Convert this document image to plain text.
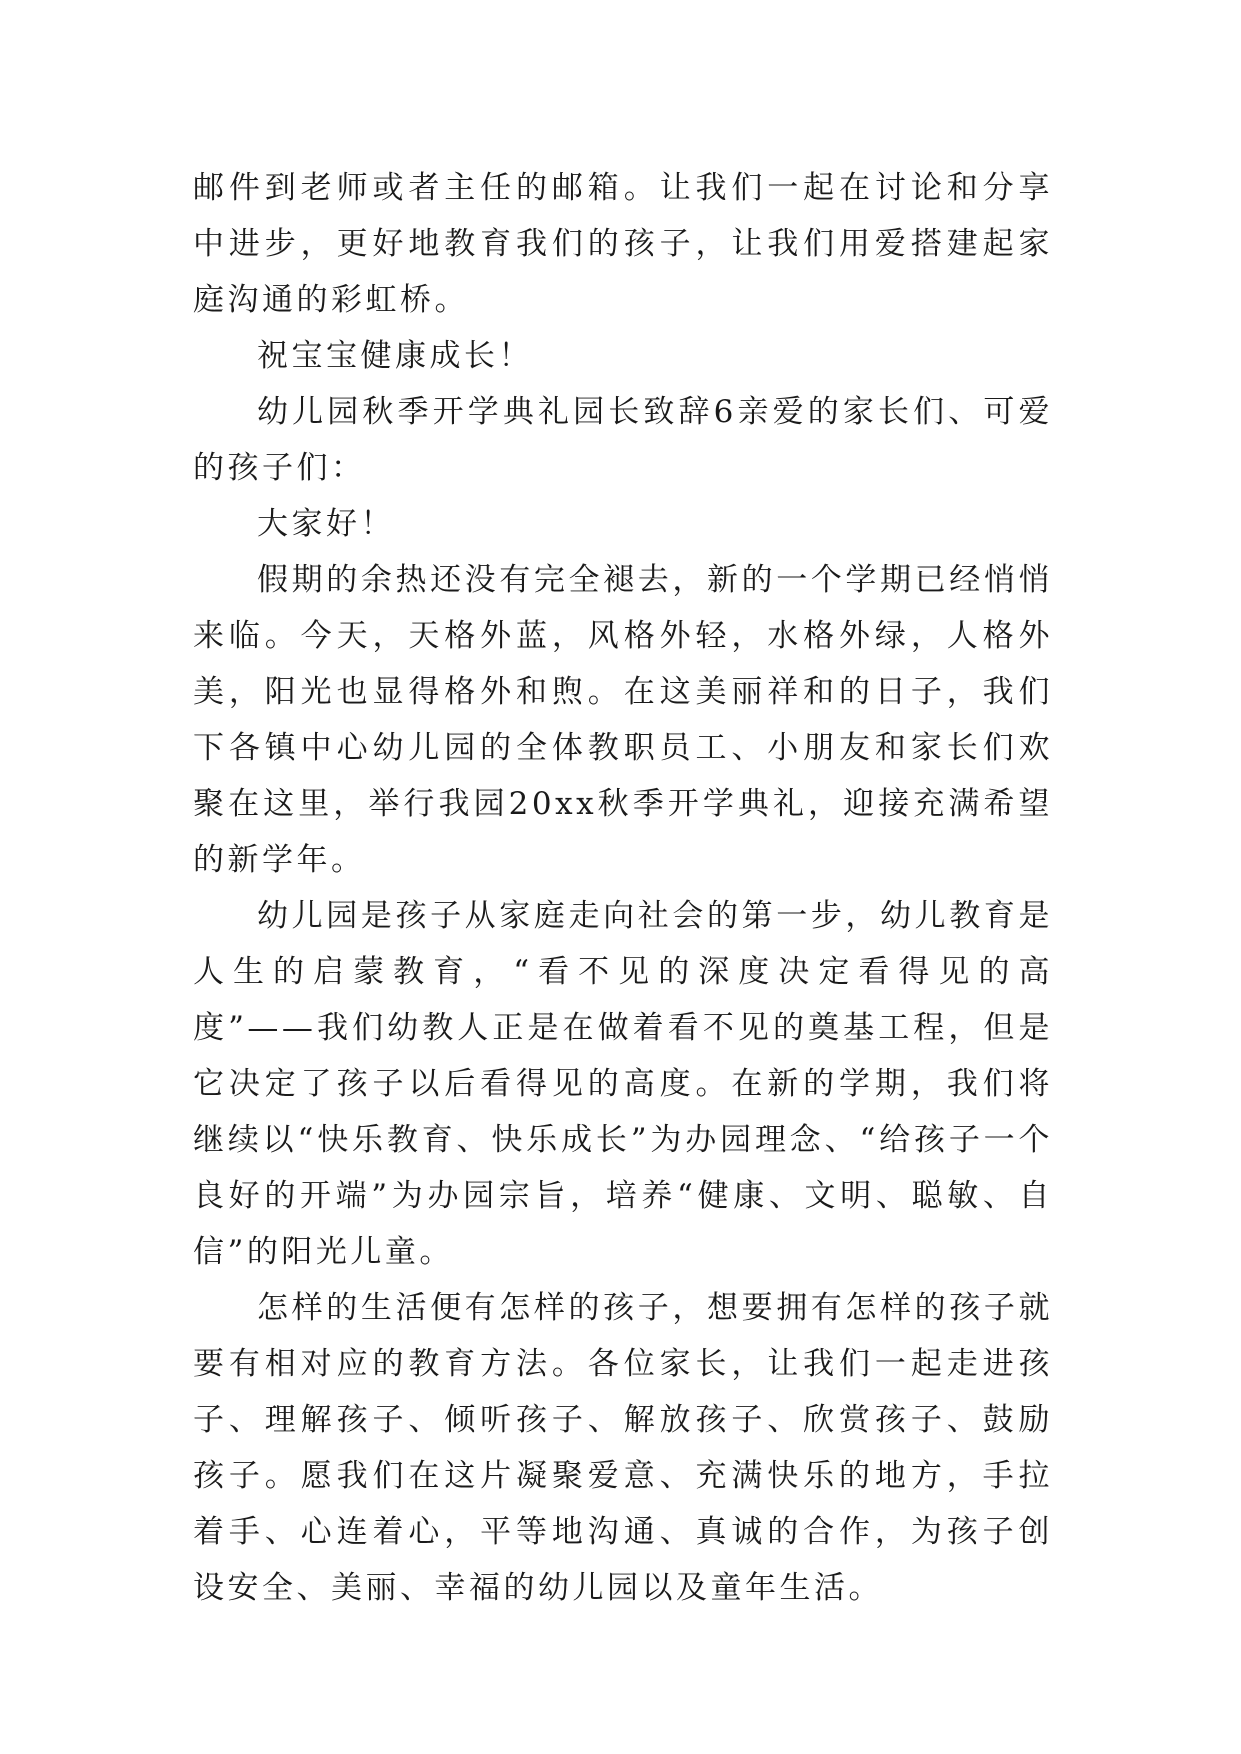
邮件到老师或者主任的邮箱。让我们一起在讨论和分享中进步，更好地教育我们的孩子，让我们用爱搭建起家庭沟通的彩虹桥。

祝宝宝健康成长！

幼儿园秋季开学典礼园长致辞6亲爱的家长们、可爱的孩子们：

大家好！

假期的余热还没有完全褪去，新的一个学期已经悄悄来临。今天，天格外蓝，风格外轻，水格外绿，人格外美，阳光也显得格外和煦。在这美丽祥和的日子，我们下各镇中心幼儿园的全体教职员工、小朋友和家长们欢聚在这里，举行我园20xx秋季开学典礼，迎接充满希望的新学年。

幼儿园是孩子从家庭走向社会的第一步，幼儿教育是人生的启蒙教育，“看不见的深度决定看得见的高度”——我们幼教人正是在做着看不见的奠基工程，但是它决定了孩子以后看得见的高度。在新的学期，我们将继续以“快乐教育、快乐成长”为办园理念、“给孩子一个良好的开端”为办园宗旨，培养“健康、文明、聪敏、自信”的阳光儿童。

怎样的生活便有怎样的孩子，想要拥有怎样的孩子就要有相对应的教育方法。各位家长，让我们一起走进孩子、理解孩子、倾听孩子、解放孩子、欣赏孩子、鼓励孩子。愿我们在这片凝聚爱意、充满快乐的地方，手拉着手、心连着心，平等地沟通、真诚的合作，为孩子创设安全、美丽、幸福的幼儿园以及童年生活。
